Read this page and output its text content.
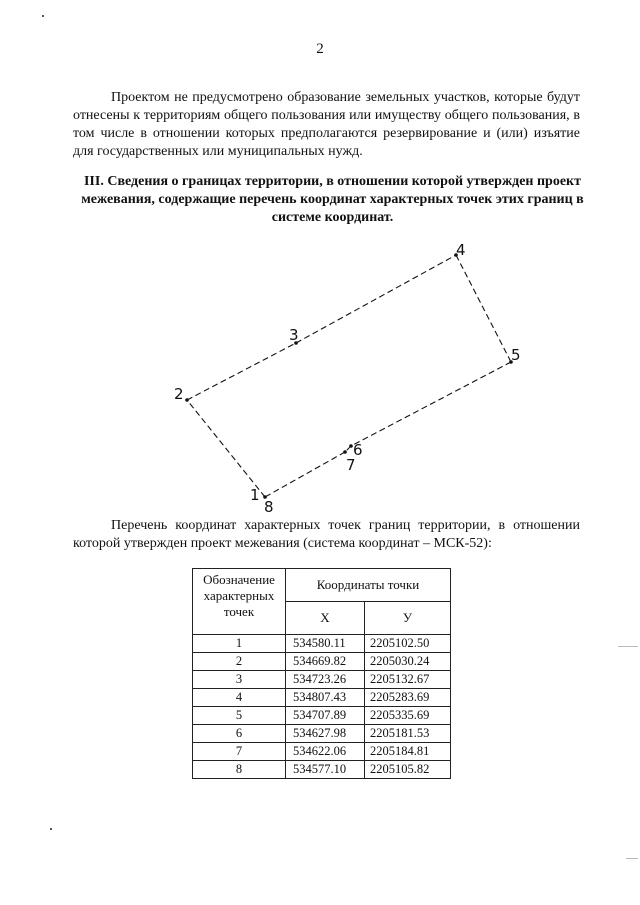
2

Проектом не предусмотрено образование земельных участков, которые будут отнесены к территориям общего пользования или имуществу общего пользования, в том числе в отношении которых предполагаются резервирование и (или) изъятие для государственных или муниципальных нужд.

III. Сведения о границах территории, в отношении которой утвержден проект межевания, содержащие перечень координат характерных точек этих границ в системе координат.

1
2
3
4
5
6
7
8

Перечень координат характерных точек границ территории, в отношении которой утвержден проект межевания (система координат – МСК-52):

Обозначение характерных точек	Координаты точки	
	X	У
1	534580.11	2205102.50
2	534669.82	2205030.24
3	534723.26	2205132.67
4	534807.43	2205283.69
5	534707.89	2205335.69
6	534627.98	2205181.53
7	534622.06	2205184.81
8	534577.10	2205105.82
